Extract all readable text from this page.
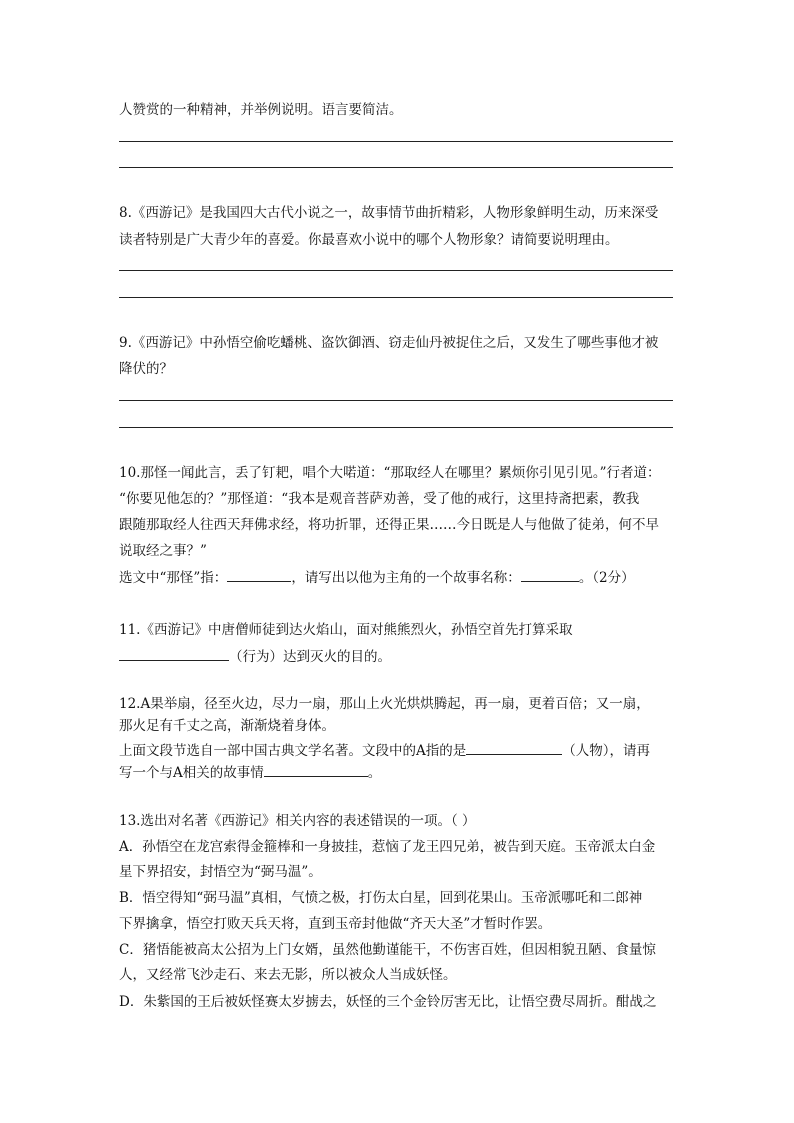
人赞赏的一种精神，并举例说明。语言要简洁。
8.《西游记》是我国四大古代小说之一，故事情节曲折精彩，人物形象鲜明生动，历来深受
读者特别是广大青少年的喜爱。你最喜欢小说中的哪个人物形象？请简要说明理由。
9.《西游记》中孙悟空偷吃蟠桃、盗饮御酒、窃走仙丹被捉住之后，又发生了哪些事他才被
降伏的？
10.那怪一闻此言，丢了钉耙，唱个大喏道：“那取经人在哪里？累烦你引见引见。”行者道：
“你要见他怎的？”那怪道：“我本是观音菩萨劝善，受了他的戒行，这里持斋把素，教我
跟随那取经人往西天拜佛求经，将功折罪，还得正果……今日既是人与他做了徒弟，何不早
说取经之事？”
选文中“那怪”指：	，请写出以他为主角的一个故事名称：	。（2分）
11.《西游记》中唐僧师徒到达火焰山，面对熊熊烈火，孙悟空首先打算采取
（行为）达到灭火的目的。
12.A果举扇，径至火边，尽力一扇，那山上火光烘烘腾起，再一扇，更着百倍；又一扇，
那火足有千丈之高，渐渐烧着身体。
上面文段节选自一部中国古典文学名著。文段中的A指的是	（人物），请再
写一个与A相关的故事情	。
13.选出对名著《西游记》相关内容的表述错误的一项。（ ）
A．孙悟空在龙宫索得金箍棒和一身披挂，惹恼了龙王四兄弟，被告到天庭。玉帝派太白金
星下界招安，封悟空为“弼马温”。
B．悟空得知“弼马温”真相，气愤之极，打伤太白星，回到花果山。玉帝派哪吒和二郎神
下界擒拿，悟空打败天兵天将，直到玉帝封他做“齐天大圣”才暂时作罢。
C．猪悟能被高太公招为上门女婿，虽然他勤谨能干，不伤害百姓，但因相貌丑陋、食量惊
人，又经常飞沙走石、来去无影，所以被众人当成妖怪。
D．朱紫国的王后被妖怪赛太岁掳去，妖怪的三个金铃厉害无比，让悟空费尽周折。酣战之
